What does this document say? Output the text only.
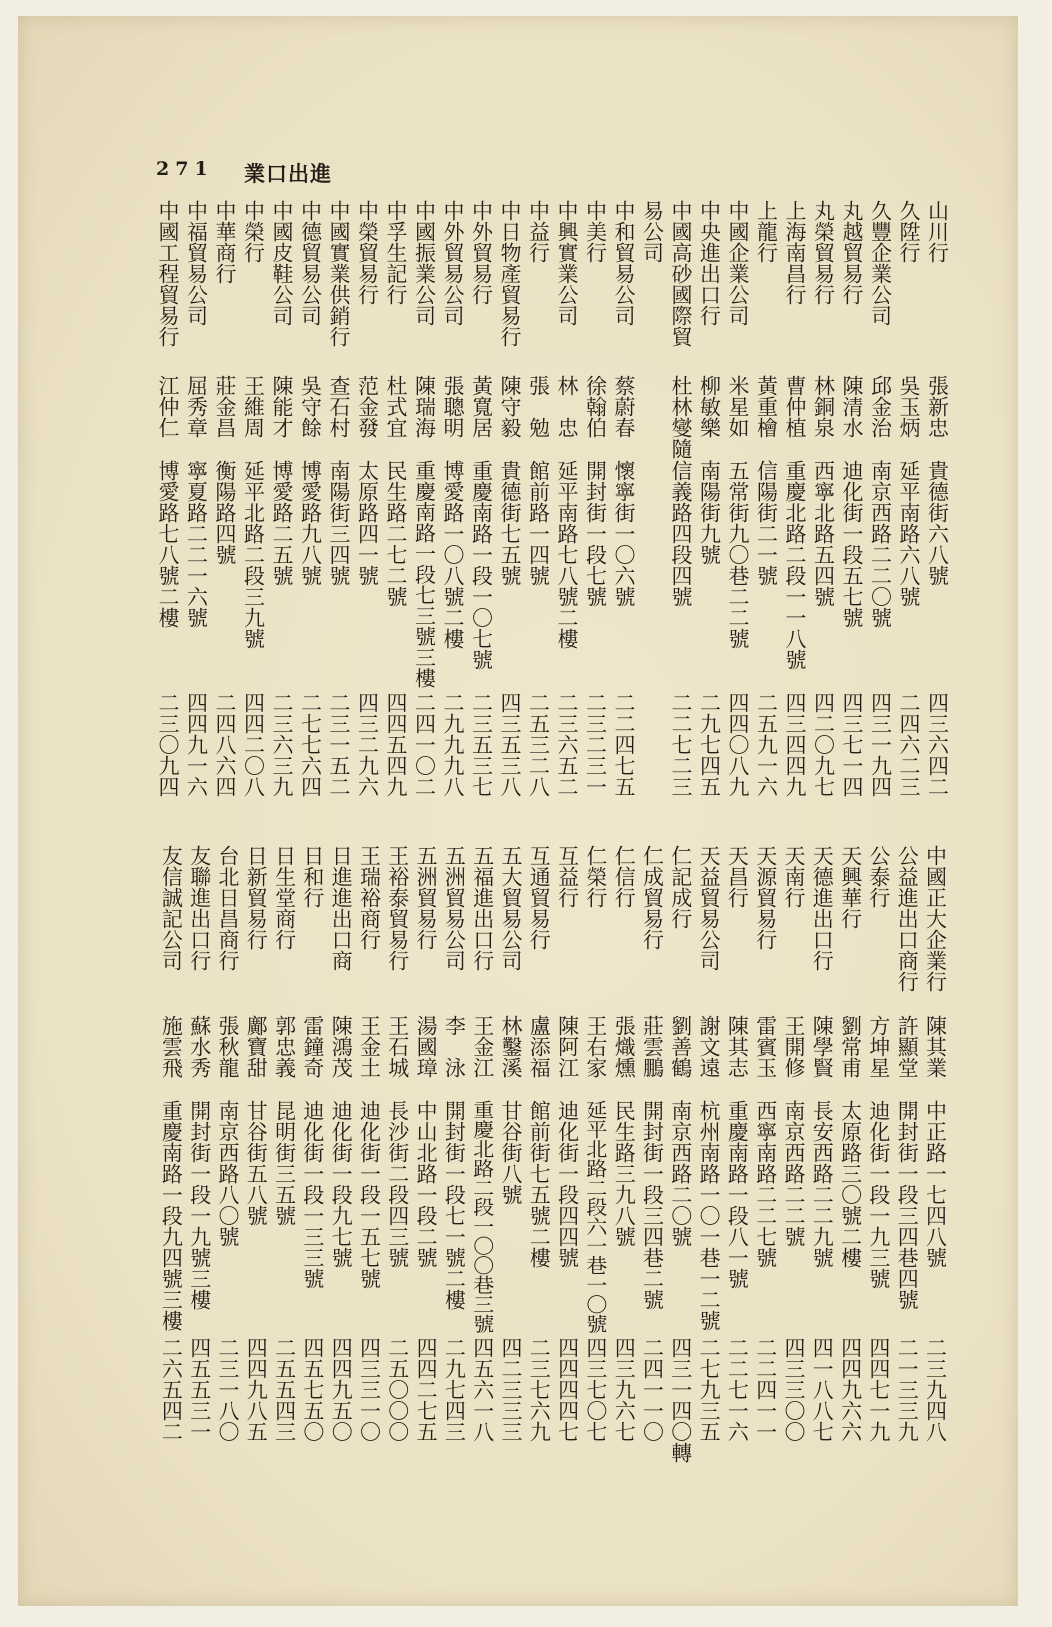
271 業口出進
山川行
張新忠
貴德街六八號
四三六四二
久陞行
吳玉炳
延平南路六八號
二四六二三
久豐企業公司
邱金治
南京西路二二〇號
四三一九四
丸越貿易行
陳清水
迪化街一段五七號
四三七一四
丸榮貿易行
林銅泉
西寧北路五四號
四二〇九七
上海南昌行
曹仲植
重慶北路二段一一八號
四三四四九
上龍行
黃重檜
信陽街二一號
二五九一六
中國企業公司
米星如
五常街九〇巷二二號
四四〇八九
中央進出口行
柳敏樂
南陽街九號
二九七四五
中國高砂國際貿
易公司
杜林燮隨
信義路四段四號
二二七二三
中和貿易公司
蔡蔚春
懷寧街一〇六號
二二四七五
中美行
徐翰伯
開封街一段七號
二三二三一
中興實業公司
林　忠
延平南路七八號二樓
二三六五二
中益行
張　勉
館前路一四號
二五三二八
中日物產貿易行
陳守毅
貴德街七五號
四三五三八
中外貿易行
黃寬居
重慶南路一段一〇七號
二三五三七
中外貿易公司
張聰明
博愛路一〇八號二樓
二九九九八
中國振業公司
陳瑞海
重慶南路一段七三號三樓
二四一〇二
中孚生記行
杜式宜
民生路二七二號
四四五四九
中榮貿易行
范金發
太原路四一號
四三二九六
中國實業供銷行
查石村
南陽街三四號
二三一五二
中德貿易公司
吳守餘
博愛路九八號
二七七六四
中國皮鞋公司
陳能才
博愛路二五號
二三六三九
中榮行
王維周
延平北路二段三九號
四四二〇八
中華商行
莊金昌
衡陽路四號
二四八六四
中福貿易公司
屈秀章
寧夏路二二一六號
四四九一六
中國工程貿易行
江仲仁
博愛路七八號二樓
二三〇九四
中國正大企業行
陳其業
中正路一七四八號
二三九四八
公益進出口商行
許顯堂
開封街一段三四巷四號
二一三三九
公泰行
方坤星
迪化街一段一九三號
四四七一九
天興華行
劉常甫
太原路三〇號二樓
四四九六六
天德進出口行
陳學賢
長安西路二二九號
四一八八七
天南行
王開修
南京西路二二號
四三三〇〇
天源貿易行
雷賓玉
西寧南路二二七號
二二四一一
天昌行
陳其志
重慶南路一段八一號
二二七一六
天益貿易公司
謝文遠
杭州南路一〇一巷一二號
二七九三五
仁記成行
劉善鶴
南京西路二〇號
四三一四〇轉
仁成貿易行
莊雲鵬
開封街一段三四巷二號
二四一一〇
仁信行
張熾燻
民生路三九八號
四三九六七
仁榮行
王右家
延平北路二段六一巷一〇號
四三七〇七
互益行
陳阿江
迪化街一段四四號
四四四四七
互通貿易行
盧添福
館前街七五號二樓
二三七六九
五大貿易公司
林鑿溪
甘谷街八號
四二三三三
五福進出口行
王金江
重慶北路二段一〇〇巷三號
四五六一八
五洲貿易公司
李　泳
開封街一段七一號二樓
二九七四三
五洲貿易行
湯國璋
中山北路一段二號
四四二七五
王裕泰貿易行
王石城
長沙街二段四三號
二五〇〇〇
王瑞裕商行
王金土
迪化街一段一五七號
四三三一〇
日進進出口商
陳鴻茂
迪化街一段九七號
四四九五〇
日和行
雷鐘奇
迪化街一段一三三號
四五七五〇
日生堂商行
郭忠義
昆明街三五號
二五五四三
日新貿易行
鄺寶甜
甘谷街五八號
四四九八五
台北日昌商行
張秋龍
南京西路八〇號
二三一八〇
友聯進出口行
蘇水秀
開封街一段一九號三樓
四五五三一
友信誠記公司
施雲飛
重慶南路一段九四號三樓
二六五四二
